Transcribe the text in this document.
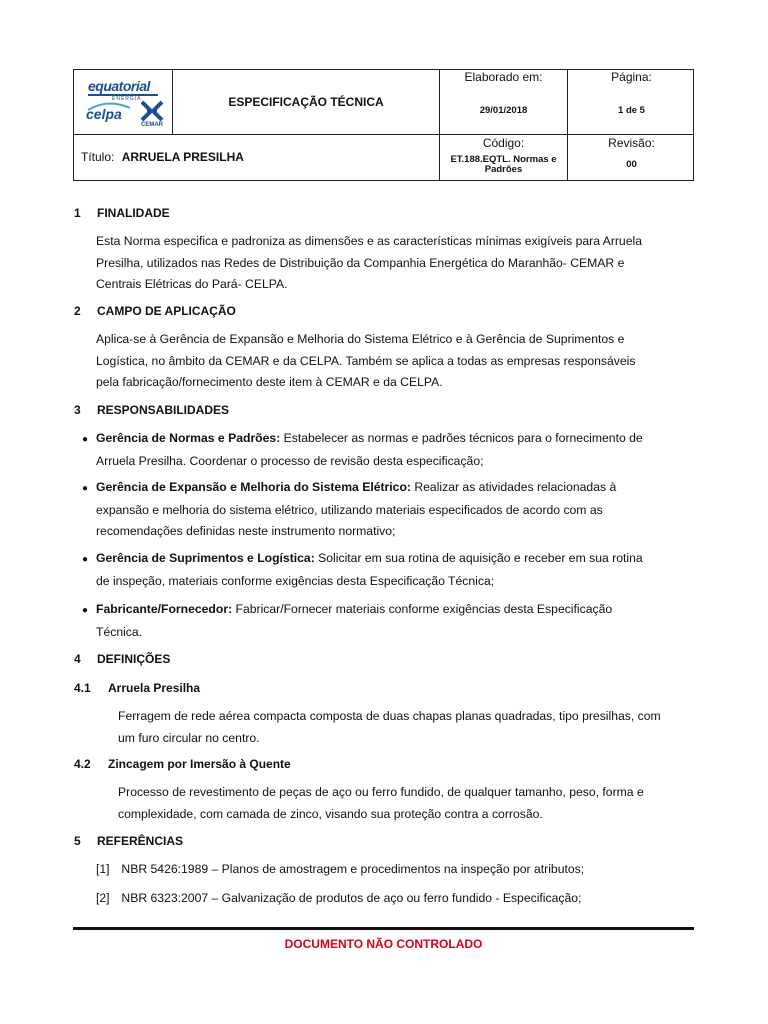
equatorial
ENERGIA
celpa
CEMAR
ESPECIFICAÇÃO TÉCNICA
Elaborado em:
29/01/2018
Página:
1 de 5
Título: ARRUELA PRESILHA
Código:
ET.188.EQTL. Normas e
Padrões
Revisão:
00
1 FINALIDADE
Esta Norma especifica e padroniza as dimensões e as características mínimas exigíveis para Arruela
Presilha, utilizados nas Redes de Distribuição da Companhia Energética do Maranhão- CEMAR e
Centrais Elétricas do Pará- CELPA.
2 CAMPO DE APLICAÇÃO
Aplica-se à Gerência de Expansão e Melhoria do Sistema Elétrico e à Gerência de Suprimentos e
Logística, no âmbito da CEMAR e da CELPA. Também se aplica a todas as empresas responsáveis
pela fabricação/fornecimento deste item à CEMAR e da CELPA.
3 RESPONSABILIDADES
● Gerência de Normas e Padrões: Estabelecer as normas e padrões técnicos para o fornecimento de
Arruela Presilha. Coordenar o processo de revisão desta especificação;
● Gerência de Expansão e Melhoria do Sistema Elétrico: Realizar as atividades relacionadas à
expansão e melhoria do sistema elétrico, utilizando materiais especificados de acordo com as
recomendações definidas neste instrumento normativo;
● Gerência de Suprimentos e Logística: Solicitar em sua rotina de aquisição e receber em sua rotina
de inspeção, materiais conforme exigências desta Especificação Técnica;
● Fabricante/Fornecedor: Fabricar/Fornecer materiais conforme exigências desta Especificação
Técnica.
4 DEFINIÇÕES
4.1 Arruela Presilha
Ferragem de rede aérea compacta composta de duas chapas planas quadradas, tipo presilhas, com
um furo circular no centro.
4.2 Zincagem por Imersão à Quente
Processo de revestimento de peças de aço ou ferro fundido, de qualquer tamanho, peso, forma e
complexidade, com camada de zinco, visando sua proteção contra a corrosão.
5 REFERÊNCIAS
[1] NBR 5426:1989 – Planos de amostragem e procedimentos na inspeção por atributos;
[2] NBR 6323:2007 – Galvanização de produtos de aço ou ferro fundido - Especificação;
DOCUMENTO NÃO CONTROLADO
